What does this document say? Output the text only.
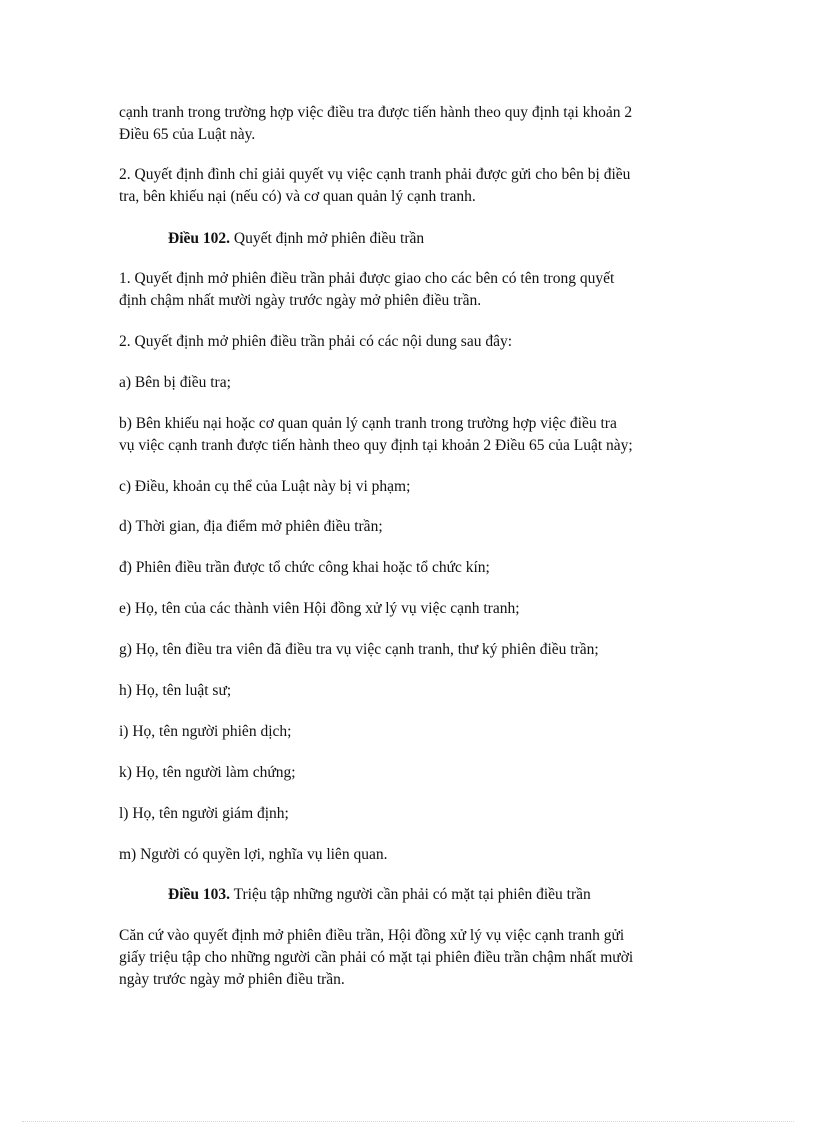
cạnh tranh trong trường hợp việc điều tra được tiến hành theo quy định tại khoản 2
Điều 65 của Luật này.

2. Quyết định đình chỉ giải quyết vụ việc cạnh tranh phải được gửi cho bên bị điều
tra, bên khiếu nại (nếu có) và cơ quan quản lý cạnh tranh.

Điều 102. Quyết định mở phiên điều trần

1. Quyết định mở phiên điều trần phải được giao cho các bên có tên trong quyết
định chậm nhất mười ngày trước ngày mở phiên điều trần.

2. Quyết định mở phiên điều trần phải có các nội dung sau đây:

a) Bên bị điều tra;

b) Bên khiếu nại hoặc cơ quan quản lý cạnh tranh trong trường hợp việc điều tra
vụ việc cạnh tranh được tiến hành theo quy định tại khoản 2 Điều 65 của Luật này;

c) Điều, khoản cụ thể của Luật này bị vi phạm;

d) Thời gian, địa điểm mở phiên điều trần;

đ) Phiên điều trần được tổ chức công khai hoặc tổ chức kín;

e) Họ, tên của các thành viên Hội đồng xử lý vụ việc cạnh tranh;

g) Họ, tên điều tra viên đã điều tra vụ việc cạnh tranh, thư ký phiên điều trần;

h) Họ, tên luật sư;

i) Họ, tên người phiên dịch;

k) Họ, tên người làm chứng;

l) Họ, tên người giám định;

m) Người có quyền lợi, nghĩa vụ liên quan.

Điều 103. Triệu tập những người cần phải có mặt tại phiên điều trần

Căn cứ vào quyết định mở phiên điều trần, Hội đồng xử lý vụ việc cạnh tranh gửi
giấy triệu tập cho những người cần phải có mặt tại phiên điều trần chậm nhất mười
ngày trước ngày mở phiên điều trần.
